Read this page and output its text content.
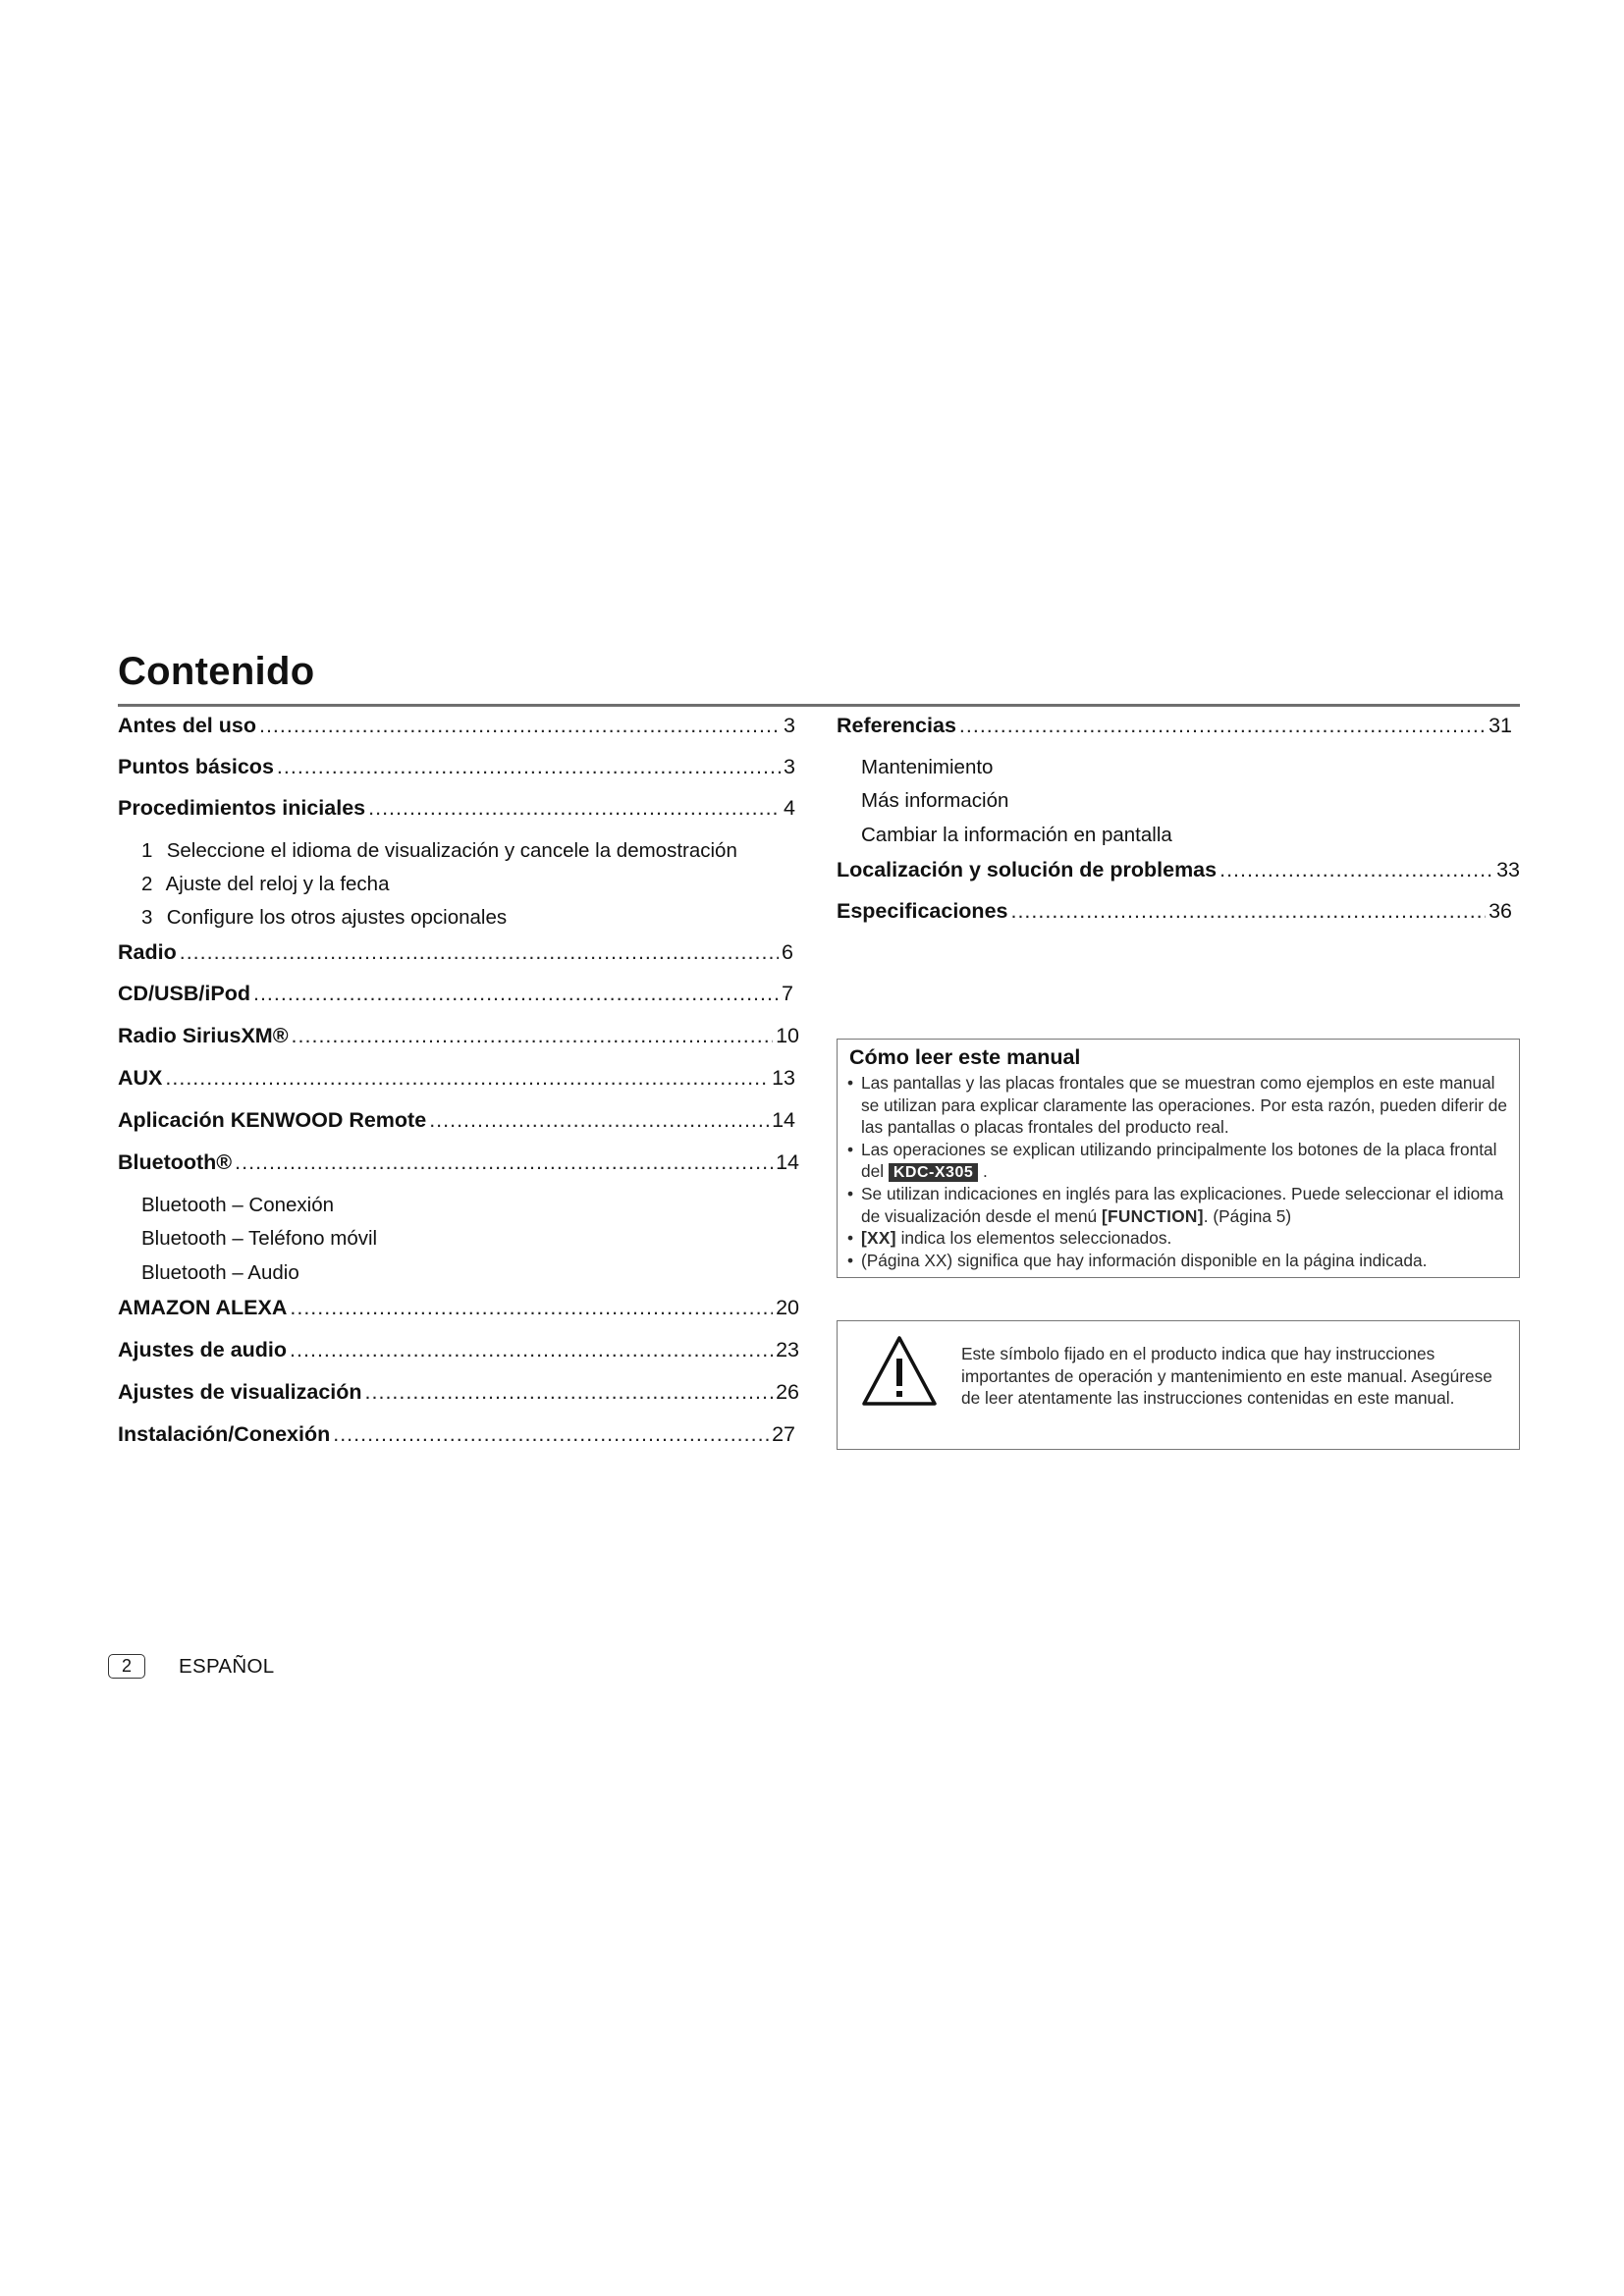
Contenido
Antes del uso .....	3
Puntos básicos .....	3
Procedimientos iniciales .....	4
1 Seleccione el idioma de visualización y cancele la demostración
2 Ajuste del reloj y la fecha
3 Configure los otros ajustes opcionales
Radio .....	6
CD/USB/iPod .....	7
Radio SiriusXM® .....	10
AUX .....	13
Aplicación KENWOOD Remote .....	14
Bluetooth® .....	14
Bluetooth – Conexión
Bluetooth – Teléfono móvil
Bluetooth – Audio
AMAZON ALEXA .....	20
Ajustes de audio .....	23
Ajustes de visualización .....	26
Instalación/Conexión .....	27
Referencias .....	31
Mantenimiento
Más información
Cambiar la información en pantalla
Localización y solución de problemas .....	33
Especificaciones .....	36
Cómo leer este manual
• Las pantallas y las placas frontales que se muestran como ejemplos en este manual se utilizan para explicar claramente las operaciones. Por esta razón, pueden diferir de las pantallas o placas frontales del producto real.
• Las operaciones se explican utilizando principalmente los botones de la placa frontal del KDC-X305 .
• Se utilizan indicaciones en inglés para las explicaciones. Puede seleccionar el idioma de visualización desde el menú [FUNCTION]. (Página 5)
• [XX] indica los elementos seleccionados.
• (Página XX) significa que hay información disponible en la página indicada.
Este símbolo fijado en el producto indica que hay instrucciones importantes de operación y mantenimiento en este manual. Asegúrese de leer atentamente las instrucciones contenidas en este manual.
2	ESPAÑOL
